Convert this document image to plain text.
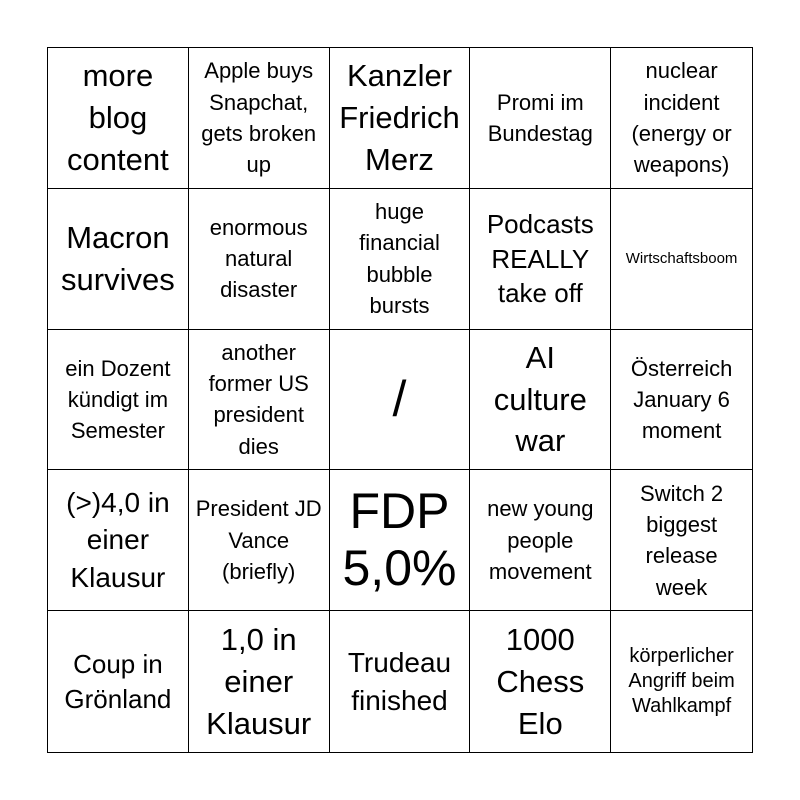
more blog content
Apple buys Snapchat, gets broken up
Kanzler Friedrich Merz
Promi im Bundestag
nuclear incident (energy or weapons)
Macron survives
enormous natural disaster
huge financial bubble bursts
Podcasts REALLY take off
Wirtschaftsboom
ein Dozent kündigt im Semester
another former US president dies
/
AI culture war
Österreich January 6 moment
(>)4,0 in einer Klausur
President JD Vance (briefly)
FDP 5,0%
new young people movement
Switch 2 biggest release week
Coup in Grönland
1,0 in einer Klausur
Trudeau finished
1000 Chess Elo
körperlicher Angriff beim Wahlkampf
